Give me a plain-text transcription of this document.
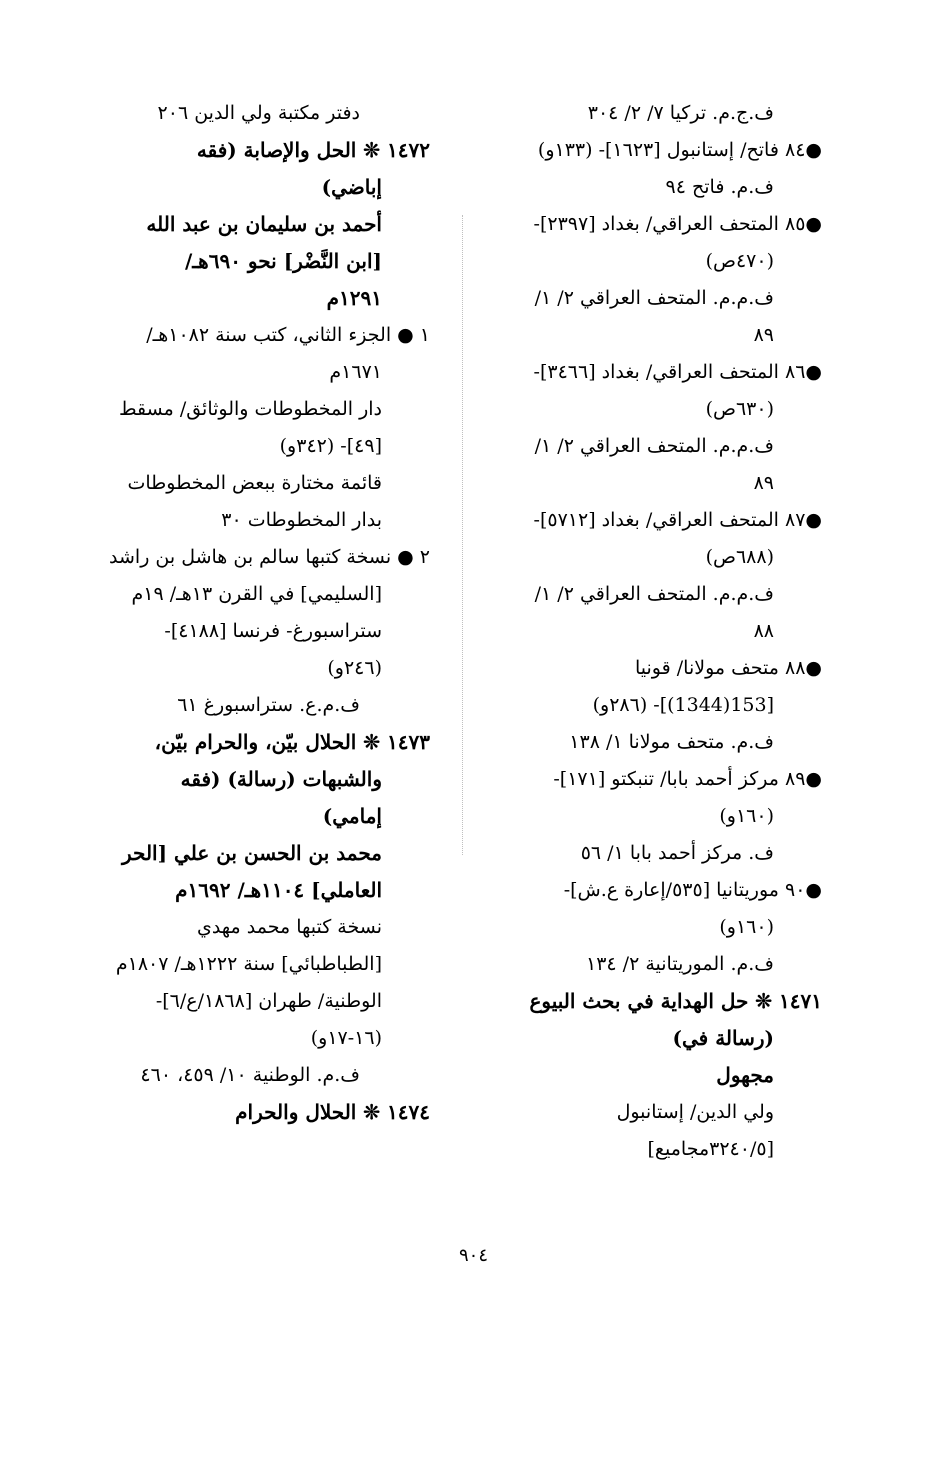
ف.ج.م. تركيا ٧/ ٢/ ٣٠٤
●٨٤ فاتح/ إستانبول [١٦٢٣]- (١٣٣و)
ف.م. فاتح ٩٤
●٨٥ المتحف العراقي/ بغداد [٢٣٩٧]-
(٤٧٠ص)
ف.م.م. المتحف العراقي ٢/ ١/
٨٩
●٨٦ المتحف العراقي/ بغداد [٣٤٦٦]-
(٦٣٠ص)
ف.م.م. المتحف العراقي ٢/ ١/
٨٩
●٨٧ المتحف العراقي/ بغداد [٥٧١٢]-
(٦٨٨ص)
ف.م.م. المتحف العراقي ٢/ ١/
٨٨
●٨٨ متحف مولانا/ قونيا
[153(1344)]- (٢٨٦و)
ف.م. متحف مولانا ١/ ١٣٨
●٨٩ مركز أحمد بابا/ تنبكتو [١٧١]-
(١٦٠و)
ف. مركز أحمد بابا ١/ ٥٦
●٩٠ موريتانيا [٥٣٥/إعارة ع.ش]-
(١٦٠و)
ف.م. الموريتانية ٢/ ١٣٤
١٤٧١ ❊ حل الهداية في بحث البيوع
(رسالة في)
مجهول
ولي الدين/ إستانبول
[٣٢٤٠/٥مجاميع]
دفتر مكتبة ولي الدين ٢٠٦
١٤٧٢ ❊ الحل والإصابة (فقه
إباضي)
أحمد بن سليمان بن عبد الله
[ابن النَّضْر] نحو ٦٩٠هـ/
١٢٩١م
١ ● الجزء الثاني، كتب سنة ١٠٨٢هـ/
١٦٧١م
دار المخطوطات والوثائق/ مسقط
[٤٩]- (٣٤٢و)
قائمة مختارة ببعض المخطوطات
بدار المخطوطات ٣٠
٢ ● نسخة كتبها سالم بن هاشل بن راشد
[السليمي] في القرن ١٣هـ/ ١٩م
ستراسبورغ- فرنسا [٤١٨٨]-
(٢٤٦و)
ف.م.ع. ستراسبورغ ٦١
١٤٧٣ ❊ الحلال بيّن، والحرام بيّن،
والشبهات (رسالة) (فقه
إمامي)
محمد بن الحسن بن علي [الحر
العاملي] ١١٠٤هـ/ ١٦٩٢م
نسخة كتبها محمد مهدي
[الطباطبائي] سنة ١٢٢٢هـ/ ١٨٠٧م
الوطنية/ طهران [١٨٦٨/ع/٦]-
(١٦-١٧و)
ف.م. الوطنية ١٠/ ٤٥٩، ٤٦٠
١٤٧٤ ❊ الحلال والحرام
٩٠٤
